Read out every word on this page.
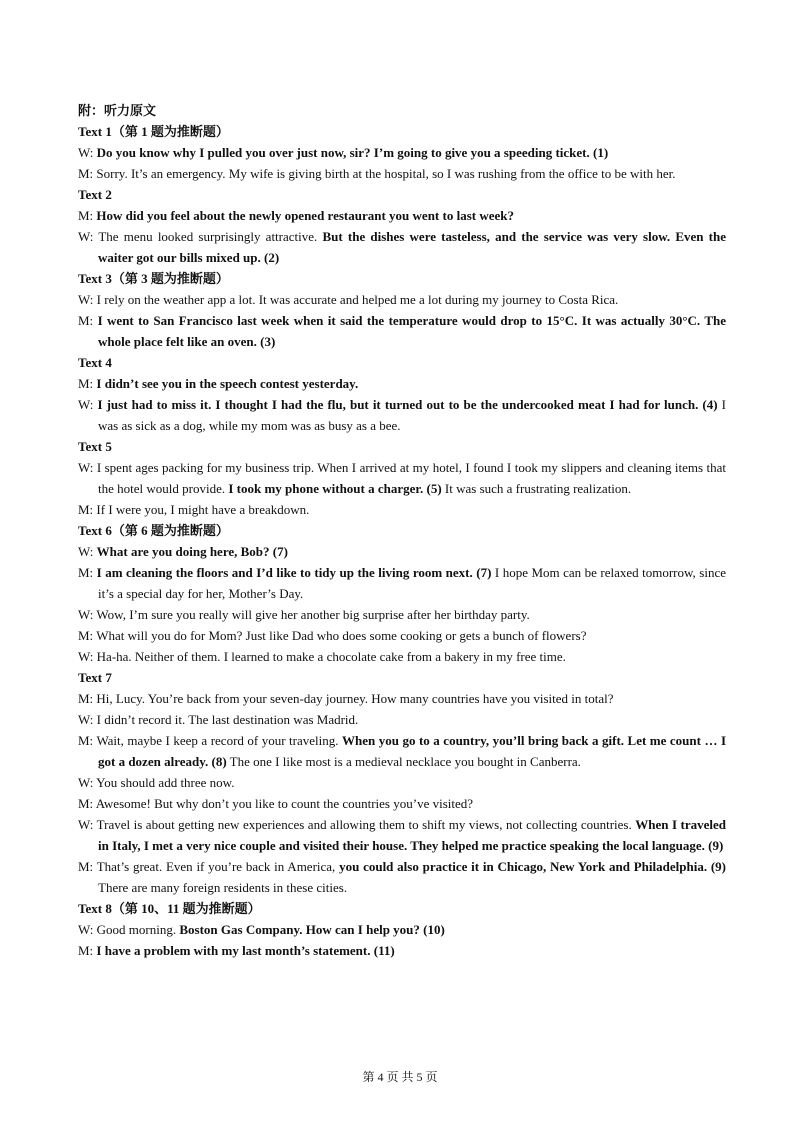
附：听力原文

Text 1（第 1 题为推断题）

W: Do you know why I pulled you over just now, sir? I’m going to give you a speeding ticket. (1)

M: Sorry. It’s an emergency. My wife is giving birth at the hospital, so I was rushing from the office to be with her.

Text 2

M: How did you feel about the newly opened restaurant you went to last week?

W: The menu looked surprisingly attractive. But the dishes were tasteless, and the service was very slow. Even the waiter got our bills mixed up. (2)

Text 3（第 3 题为推断题）

W: I rely on the weather app a lot. It was accurate and helped me a lot during my journey to Costa Rica.

M: I went to San Francisco last week when it said the temperature would drop to 15°C. It was actually 30°C. The whole place felt like an oven. (3)

Text 4

M: I didn’t see you in the speech contest yesterday.

W: I just had to miss it. I thought I had the flu, but it turned out to be the undercooked meat I had for lunch. (4) I was as sick as a dog, while my mom was as busy as a bee.

Text 5

W: I spent ages packing for my business trip. When I arrived at my hotel, I found I took my slippers and cleaning items that the hotel would provide. I took my phone without a charger. (5) It was such a frustrating realization.

M: If I were you, I might have a breakdown.

Text 6（第 6 题为推断题）

W: What are you doing here, Bob? (7)

M: I am cleaning the floors and I’d like to tidy up the living room next. (7) I hope Mom can be relaxed tomorrow, since it’s a special day for her, Mother’s Day.

W: Wow, I’m sure you really will give her another big surprise after her birthday party.

M: What will you do for Mom? Just like Dad who does some cooking or gets a bunch of flowers?

W: Ha-ha. Neither of them. I learned to make a chocolate cake from a bakery in my free time.

Text 7

M: Hi, Lucy. You’re back from your seven-day journey. How many countries have you visited in total?

W: I didn’t record it. The last destination was Madrid.

M: Wait, maybe I keep a record of your traveling. When you go to a country, you’ll bring back a gift. Let me count … I got a dozen already. (8) The one I like most is a medieval necklace you bought in Canberra.

W: You should add three now.

M: Awesome! But why don’t you like to count the countries you’ve visited?

W: Travel is about getting new experiences and allowing them to shift my views, not collecting countries. When I traveled in Italy, I met a very nice couple and visited their house. They helped me practice speaking the local language. (9)

M: That’s great. Even if you’re back in America, you could also practice it in Chicago, New York and Philadelphia. (9) There are many foreign residents in these cities.

Text 8（第 10、11 题为推断题）

W: Good morning. Boston Gas Company. How can I help you? (10)

M: I have a problem with my last month’s statement. (11)

第 4 页 共 5 页
